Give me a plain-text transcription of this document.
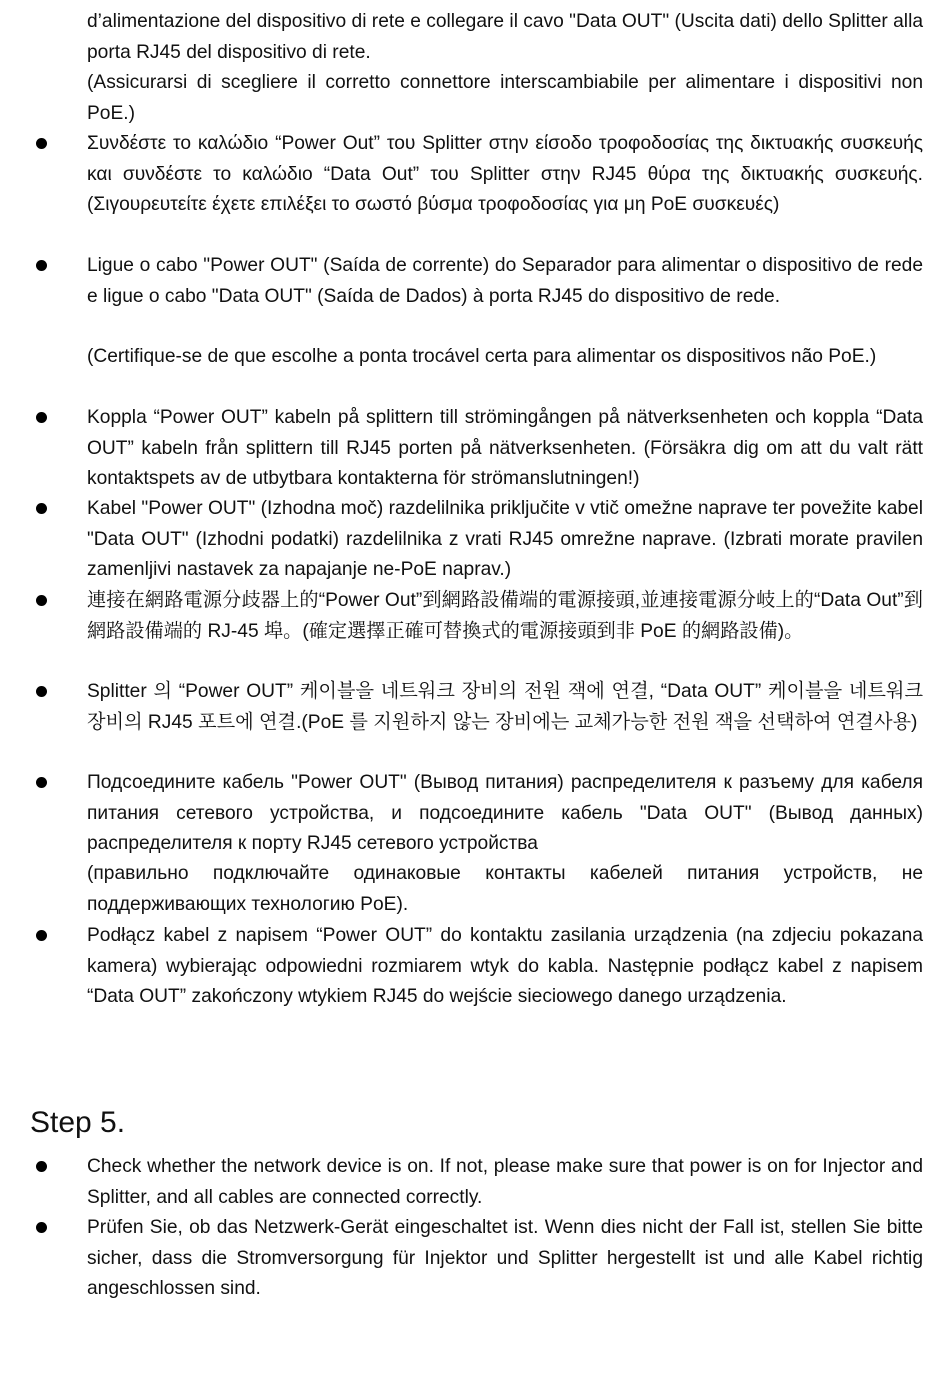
d’alimentazione del dispositivo di rete e collegare il cavo "Data OUT" (Uscita dati) dello Splitter alla porta RJ45 del dispositivo di rete.

(Assicurarsi di scegliere il corretto connettore interscambiabile per alimentare i dispositivi non PoE.)

Συνδέστε το καλώδιο “Power Out” του Splitter στην είσοδο τροφοδοσίας της δικτυακής συσκευής και συνδέστε το καλώδιο “Data Out” του Splitter στην RJ45 θύρα της δικτυακής συσκευής. (Σιγουρευτείτε έχετε επιλέξει το σωστό βύσμα τροφοδοσίας για μη PoE συσκευές)

Ligue o cabo "Power OUT" (Saída de corrente) do Separador para alimentar o dispositivo de rede e ligue o cabo "Data OUT" (Saída de Dados) à porta RJ45 do dispositivo de rede.

(Certifique-se de que escolhe a ponta trocável certa para alimentar os dispositivos não PoE.)

Koppla “Power OUT” kabeln på splittern till strömingången på nätverksenheten och koppla “Data OUT” kabeln från splittern till RJ45 porten på nätverksenheten. (Försäkra dig om att du valt rätt kontaktspets av de utbytbara kontakterna för strömanslutningen!)

Kabel "Power OUT" (Izhodna moč) razdelilnika priključite v vtič omežne naprave ter povežite kabel "Data OUT" (Izhodni podatki) razdelilnika z vrati RJ45 omrežne naprave. (Izbrati morate pravilen zamenljivi nastavek za napajanje ne-PoE naprav.)

連接在網路電源分歧器上的“Power Out”到網路設備端的電源接頭,並連接電源分岐上的“Data Out”到網路設備端的 RJ-45 埠。(確定選擇正確可替換式的電源接頭到非 PoE 的網路設備)。

Splitter 의 “Power OUT” 케이블을 네트워크 장비의 전원 잭에 연결, “Data OUT” 케이블을 네트워크 장비의 RJ45 포트에 연결.(PoE 를 지원하지 않는 장비에는 교체가능한 전원 잭을 선택하여 연결사용)

Подсоедините кабель "Power OUT" (Вывод питания) распределителя к разъему для кабеля питания сетевого устройства, и подсоедините кабель "Data OUT" (Вывод данных) распределителя к порту RJ45 сетевого устройства

(правильно подключайте одинаковые контакты кабелей питания устройств, не поддерживающих технологию PoE).

Podłącz kabel z napisem “Power OUT” do kontaktu zasilania urządzenia (na zdjeciu pokazana kamera) wybierając odpowiedni rozmiarem wtyk do kabla. Następnie podłącz kabel z napisem “Data OUT” zakończony wtykiem RJ45 do wejście sieciowego danego urządzenia.

Step 5.

Check whether the network device is on. If not, please make sure that power is on for Injector and Splitter, and all cables are connected correctly.

Prüfen Sie, ob das Netzwerk-Gerät eingeschaltet ist. Wenn dies nicht der Fall ist, stellen Sie bitte sicher, dass die Stromversorgung für Injektor und Splitter hergestellt ist und alle Kabel richtig angeschlossen sind.
